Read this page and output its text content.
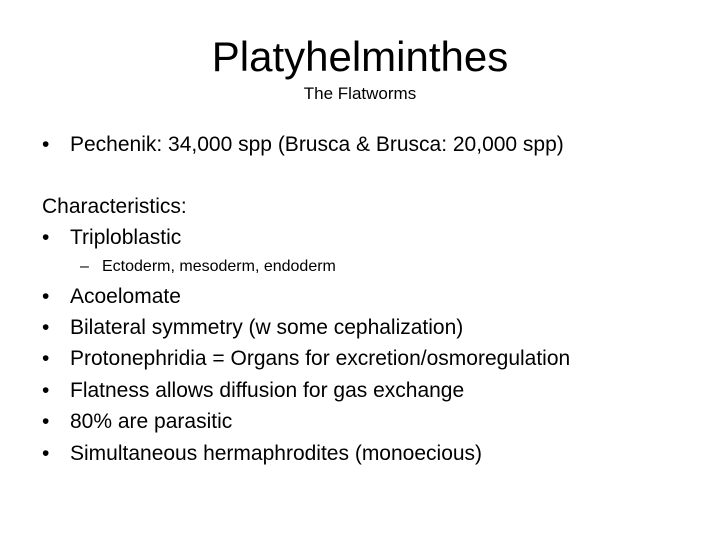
Platyhelminthes
The Flatworms
• Pechenik: 34,000 spp (Brusca & Brusca: 20,000 spp)
Characteristics:
• Triploblastic
– Ectoderm, mesoderm, endoderm
• Acoelomate
• Bilateral symmetry (w some cephalization)
• Protonephridia = Organs for excretion/osmoregulation
• Flatness allows diffusion for gas exchange
• 80% are parasitic
• Simultaneous hermaphrodites (monoecious)
